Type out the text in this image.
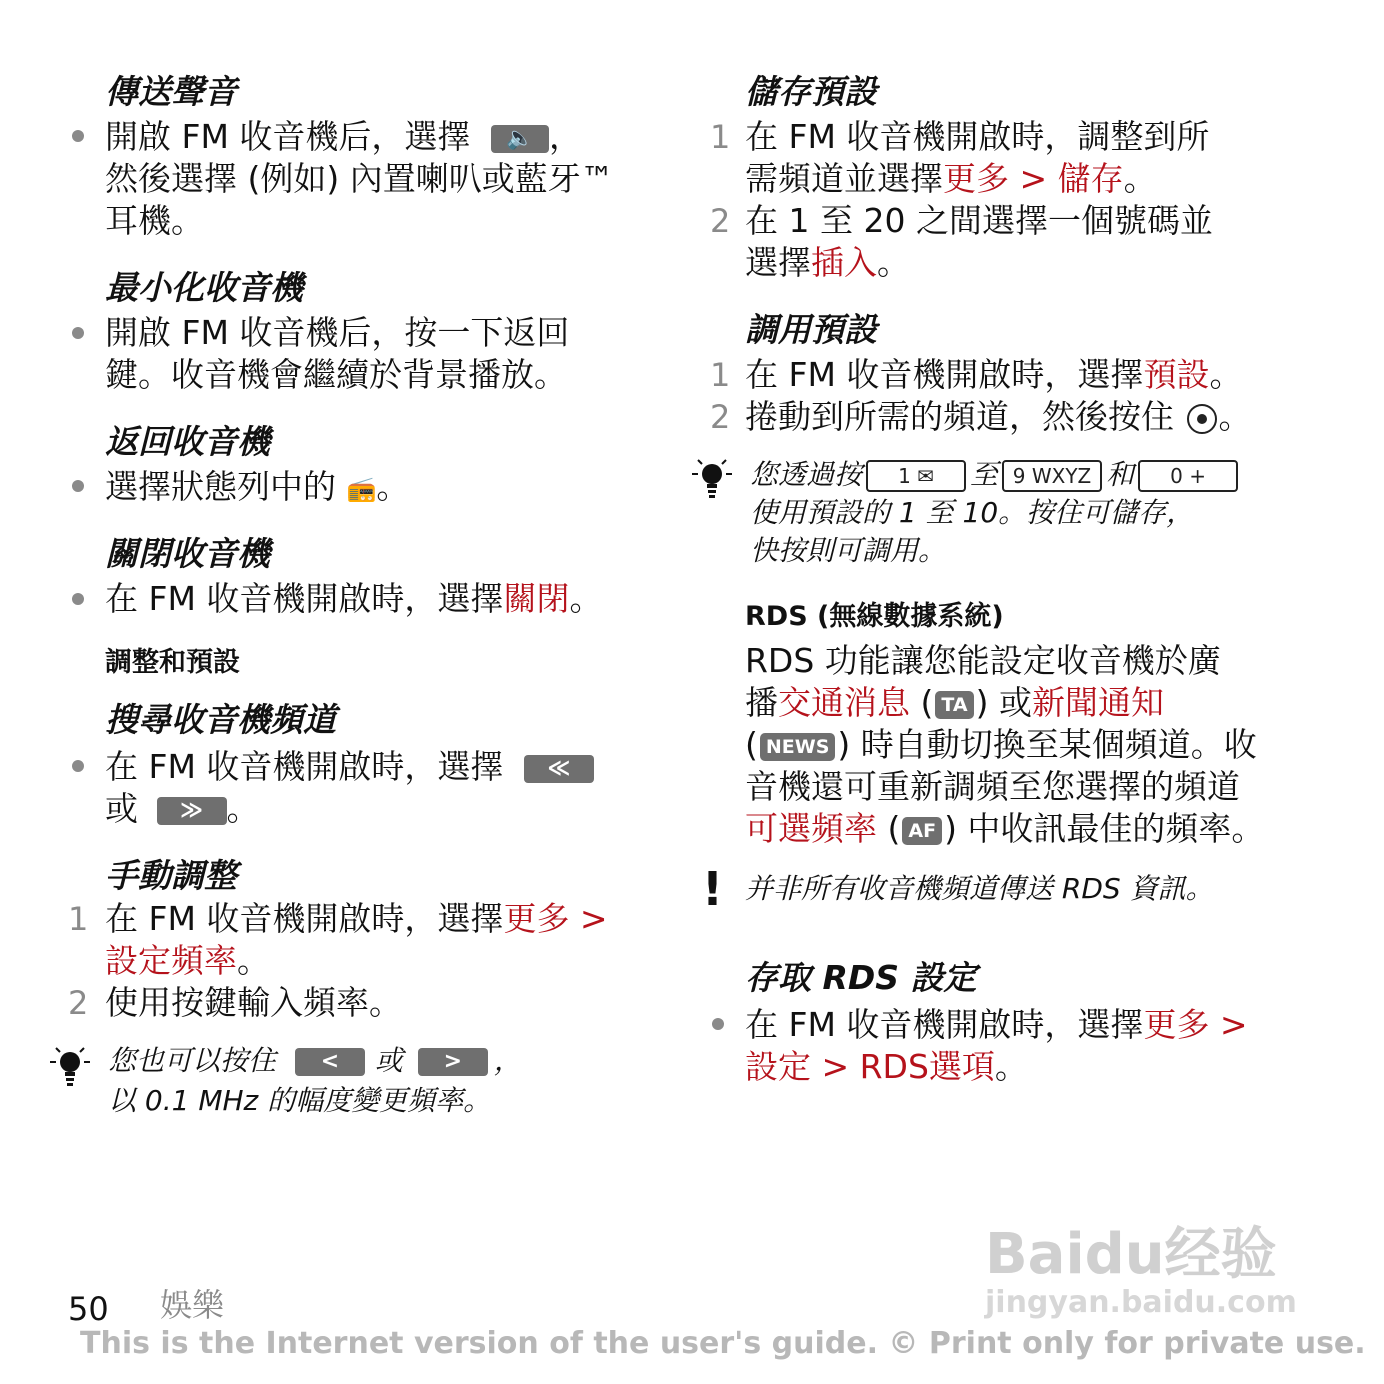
傳送聲音
開啟 FM 收音機后，選擇 🔈 ，
然後選擇 (例如) 內置喇叭或藍牙™
耳機。
最小化收音機
開啟 FM 收音機后，按一下返回
鍵。收音機會繼續於背景播放。
返回收音機
選擇狀態列中的 📻。
關閉收音機
在 FM 收音機開啟時，選擇關閉。
調整和預設
搜尋收音機頻道
在 FM 收音機開啟時，選擇 ≪
或 ≫ 。
手動調整
1 在 FM 收音機開啟時，選擇更多 >
設定頻率。
2 使用按鍵輸入頻率。
您也可以按住 < 或 > ，
以 0.1 MHz 的幅度變更頻率。
儲存預設
1 在 FM 收音機開啟時，調整到所
需頻道並選擇更多 > 儲存。
2 在 1 至 20 之間選擇一個號碼並
選擇插入。
調用預設
1 在 FM 收音機開啟時，選擇預設。
2 捲動到所需的頻道，然後按住 。
您透過按 1 ✉ 至 9 WXYZ 和 0 +
使用預設的 1 至 10。按住可儲存，
快按則可調用。
RDS (無線數據系統)
RDS 功能讓您能設定收音機於廣
播交通消息 ( TA ) 或新聞通知
( NEWS ) 時自動切換至某個頻道。收
音機還可重新調頻至您選擇的頻道
可選頻率 ( AF ) 中收訊最佳的頻率。
! 并非所有收音機頻道傳送 RDS 資訊。
存取 RDS 設定
在 FM 收音機開啟時，選擇更多 >
設定 > RDS選項。
Baidu经验
jingyan.baidu.com
50 娛樂
This is the Internet version of the user's guide. © Print only for private use.
